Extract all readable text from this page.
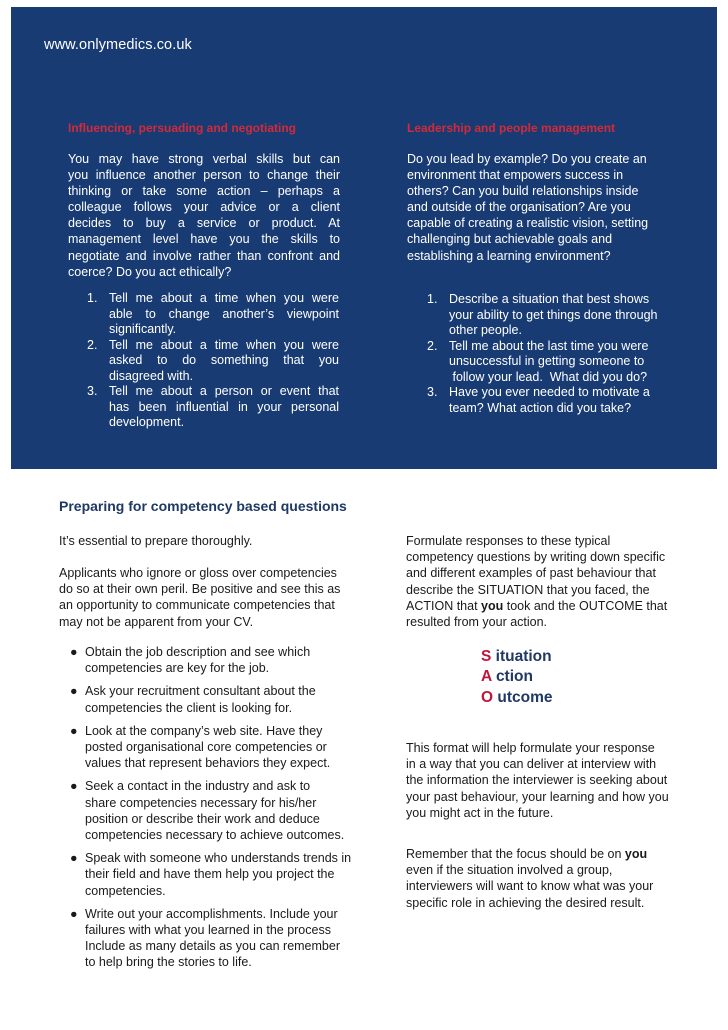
www.onlymedics.co.uk
Influencing, persuading and negotiating
You may have strong verbal skills but can
you influence another person to change their
thinking or take some action – perhaps a
colleague follows your advice or a client
decides to buy a service or product. At
management level have you the skills to
negotiate and involve rather than confront and
coerce? Do you act ethically?
1. Tell me about a time when you were
able to change another’s viewpoint
significantly.
2. Tell me about a time when you were
asked to do something that you
disagreed with.
3. Tell me about a person or event that
has been influential in your personal
development.
Leadership and people management
Do you lead by example? Do you create an
environment that empowers success in
others? Can you build relationships inside
and outside of the organisation? Are you
capable of creating a realistic vision, setting
challenging but achievable goals and
establishing a learning environment?
1. Describe a situation that best shows
your ability to get things done through
other people.
2. Tell me about the last time you were
unsuccessful in getting someone to
follow your lead.  What did you do?
3. Have you ever needed to motivate a
team? What action did you take?
Preparing for competency based questions
It’s essential to prepare thoroughly.
Applicants who ignore or gloss over competencies
do so at their own peril. Be positive and see this as
an opportunity to communicate competencies that
may not be apparent from your CV.
● Obtain the job description and see which
competencies are key for the job.
● Ask your recruitment consultant about the
competencies the client is looking for.
● Look at the company’s web site. Have they
posted organisational core competencies or
values that represent behaviors they expect.
● Seek a contact in the industry and ask to
share competencies necessary for his/her
position or describe their work and deduce
competencies necessary to achieve outcomes.
● Speak with someone who understands trends in
their field and have them help you project the
competencies.
● Write out your accomplishments. Include your
failures with what you learned in the process
Include as many details as you can remember
to help bring the stories to life.
Formulate responses to these typical
competency questions by writing down specific
and different examples of past behaviour that
describe the SITUATION that you faced, the
ACTION that you took and the OUTCOME that
resulted from your action.
S ituation
A ction
O utcome
This format will help formulate your response
in a way that you can deliver at interview with
the information the interviewer is seeking about
your past behaviour, your learning and how you
you might act in the future.
Remember that the focus should be on you
even if the situation involved a group,
interviewers will want to know what was your
specific role in achieving the desired result.
